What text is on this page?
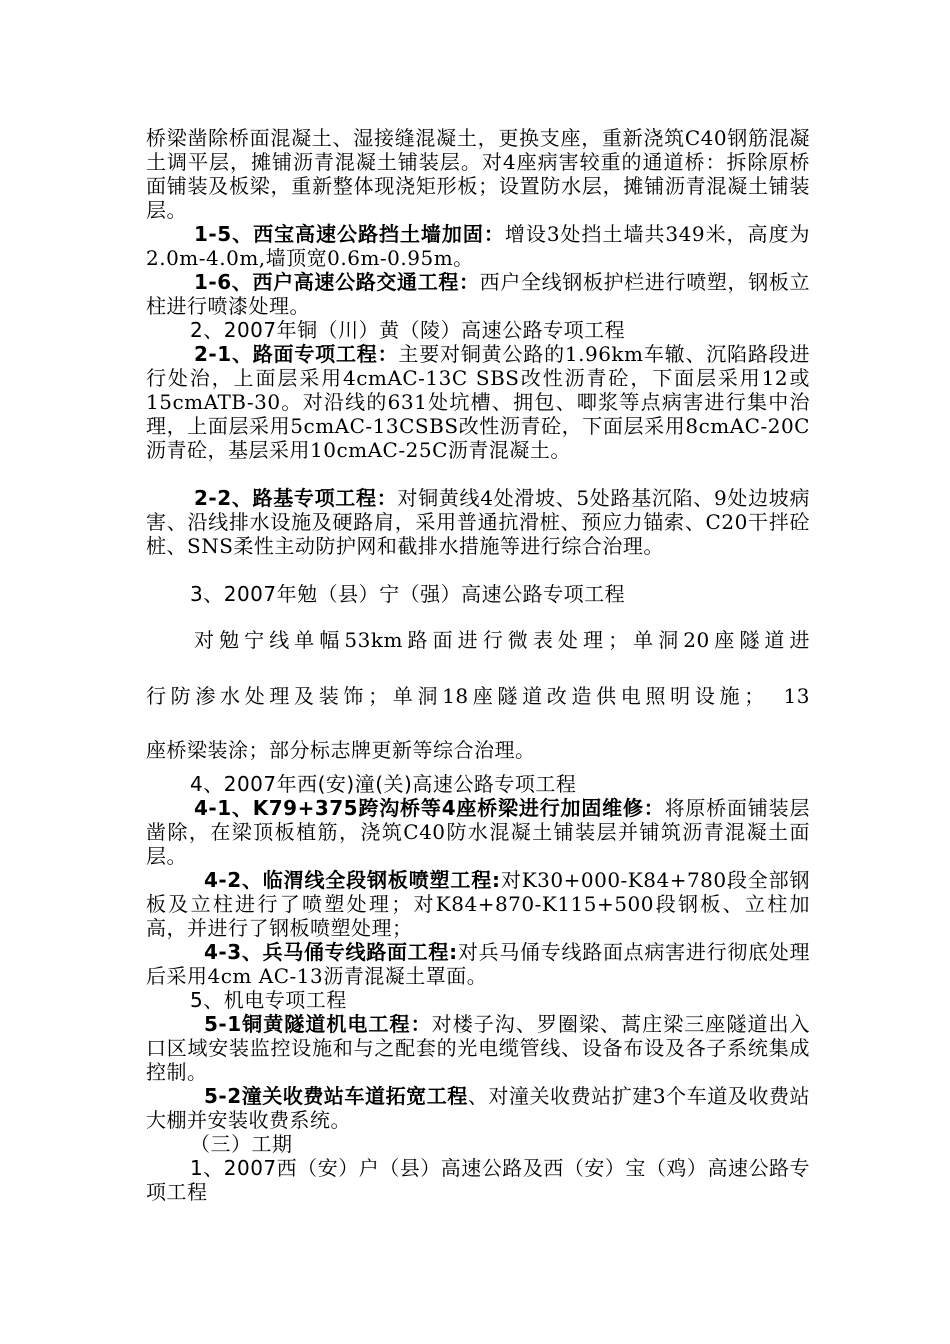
桥梁凿除桥面混凝土、湿接缝混凝土，更换支座，重新浇筑C40钢筋混凝土调平层，摊铺沥青混凝土铺装层。对4座病害较重的通道桥：拆除原桥面铺装及板梁，重新整体现浇矩形板；设置防水层，摊铺沥青混凝土铺装层。
1-5、西宝高速公路挡土墙加固：增设3处挡土墙共349米，高度为2.0m-4.0m,墙顶宽0.6m-0.95m。
1-6、西户高速公路交通工程：西户全线钢板护栏进行喷塑，钢板立柱进行喷漆处理。
2、2007年铜（川）黄（陵）高速公路专项工程
2-1、路面专项工程：主要对铜黄公路的1.96km车辙、沉陷路段进行处治，上面层采用4cmAC-13C SBS改性沥青砼，下面层采用12或15cmATB-30。对沿线的631处坑槽、拥包、唧浆等点病害进行集中治理，上面层采用5cmAC-13CSBS改性沥青砼，下面层采用8cmAC-20C沥青砼，基层采用10cmAC-25C沥青混凝土。
2-2、路基专项工程：对铜黄线4处滑坡、5处路基沉陷、9处边坡病害、沿线排水设施及硬路肩，采用普通抗滑桩、预应力锚索、C20干拌砼桩、SNS柔性主动防护网和截排水措施等进行综合治理。
3、2007年勉（县）宁（强）高速公路专项工程
对勉宁线单幅53km路面进行微表处理；单洞20座隧道进
行防渗水处理及装饰；单洞18座隧道改造供电照明设施；　13
座桥梁装涂；部分标志牌更新等综合治理。
4、2007年西(安)潼(关)高速公路专项工程
4-1、K79+375跨沟桥等4座桥梁进行加固维修：将原桥面铺装层凿除，在梁顶板植筋，浇筑C40防水混凝土铺装层并铺筑沥青混凝土面层。
4-2、临渭线全段钢板喷塑工程:对K30+000-K84+780段全部钢板及立柱进行了喷塑处理；对K84+870-K115+500段钢板、立柱加高，并进行了钢板喷塑处理；
4-3、兵马俑专线路面工程:对兵马俑专线路面点病害进行彻底处理后采用4cm AC-13沥青混凝土罩面。
5、机电专项工程
5-1铜黄隧道机电工程：对楼子沟、罗圈梁、蒿庄梁三座隧道出入口区域安装监控设施和与之配套的光电缆管线、设备布设及各子系统集成控制。
5-2潼关收费站车道拓宽工程、对潼关收费站扩建3个车道及收费站大棚并安装收费系统。
（三）工期
1、2007西（安）户（县）高速公路及西（安）宝（鸡）高速公路专项工程
